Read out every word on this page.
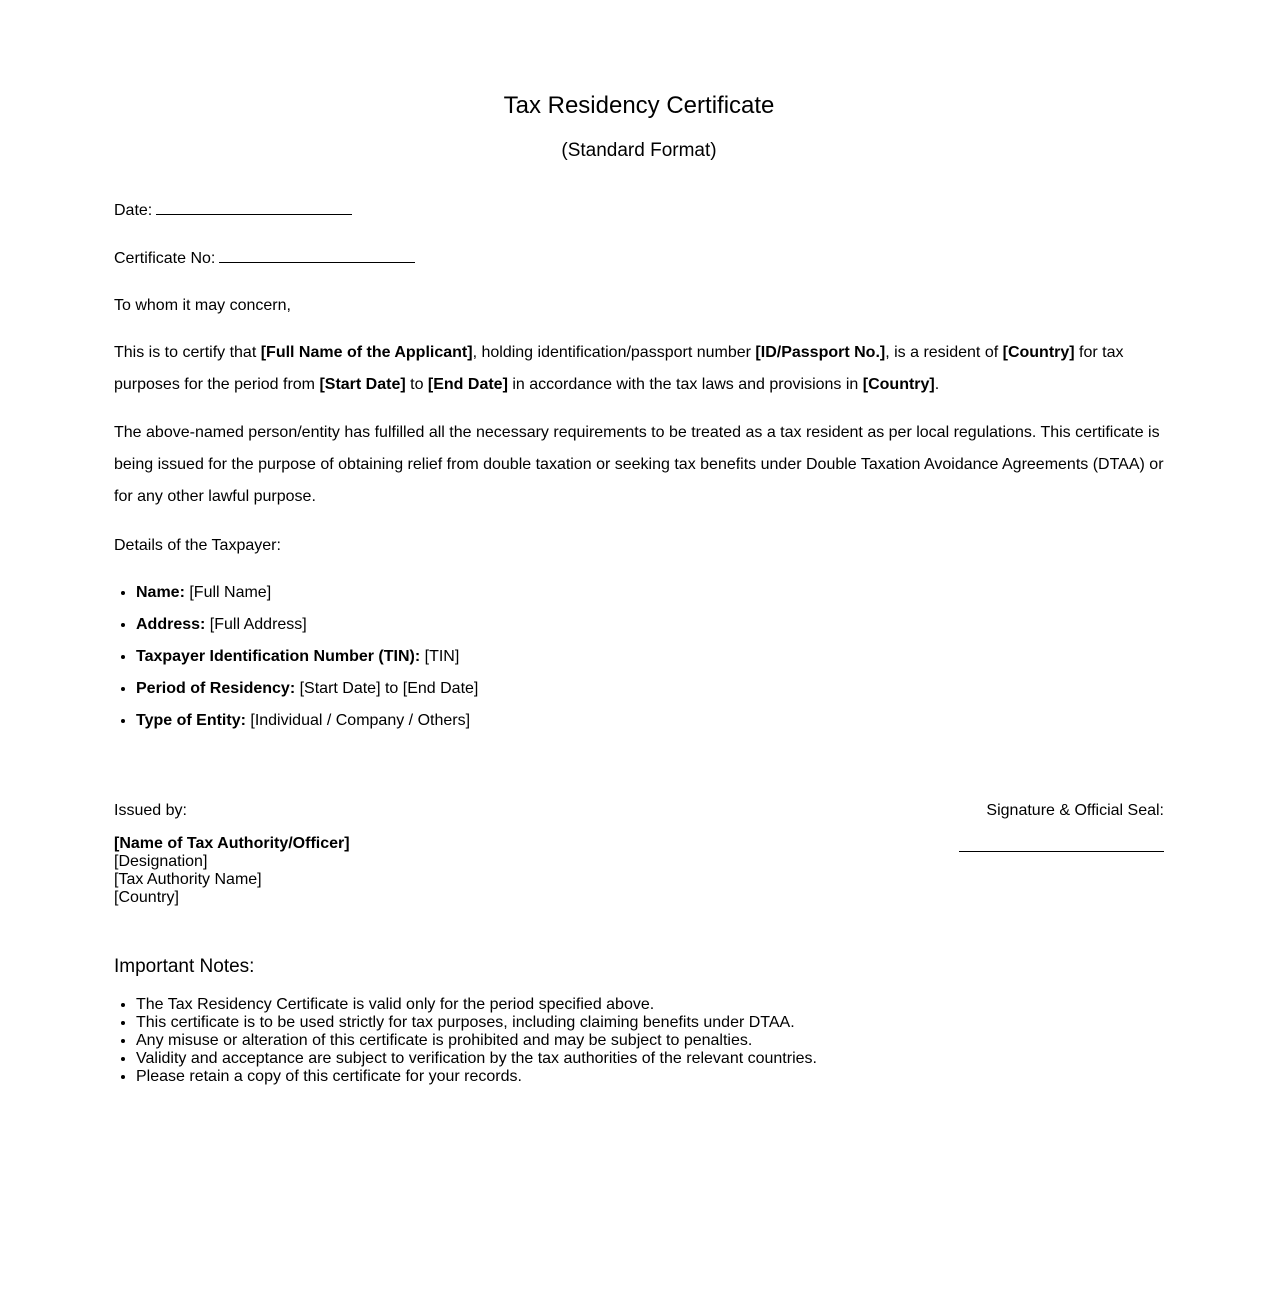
Tax Residency Certificate
(Standard Format)
Date:
Certificate No:
To whom it may concern,

This is to certify that [Full Name of the Applicant], holding identification/passport number [ID/Passport No.], is a resident of [Country] for tax purposes for the period from [Start Date] to [End Date] in accordance with the tax laws and provisions in [Country].

The above-named person/entity has fulfilled all the necessary requirements to be treated as a tax resident as per local regulations. This certificate is being issued for the purpose of obtaining relief from double taxation or seeking tax benefits under Double Taxation Avoidance Agreements (DTAA) or for any other lawful purpose.

Details of the Taxpayer:
• Name: [Full Name]
• Address: [Full Address]
• Taxpayer Identification Number (TIN): [TIN]
• Period of Residency: [Start Date] to [End Date]
• Type of Entity: [Individual / Company / Others]
Issued by:	Signature & Official Seal:
[Name of Tax Authority/Officer]
[Designation]
[Tax Authority Name]
[Country]
Important Notes:
• The Tax Residency Certificate is valid only for the period specified above.
• This certificate is to be used strictly for tax purposes, including claiming benefits under DTAA.
• Any misuse or alteration of this certificate is prohibited and may be subject to penalties.
• Validity and acceptance are subject to verification by the tax authorities of the relevant countries.
• Please retain a copy of this certificate for your records.
